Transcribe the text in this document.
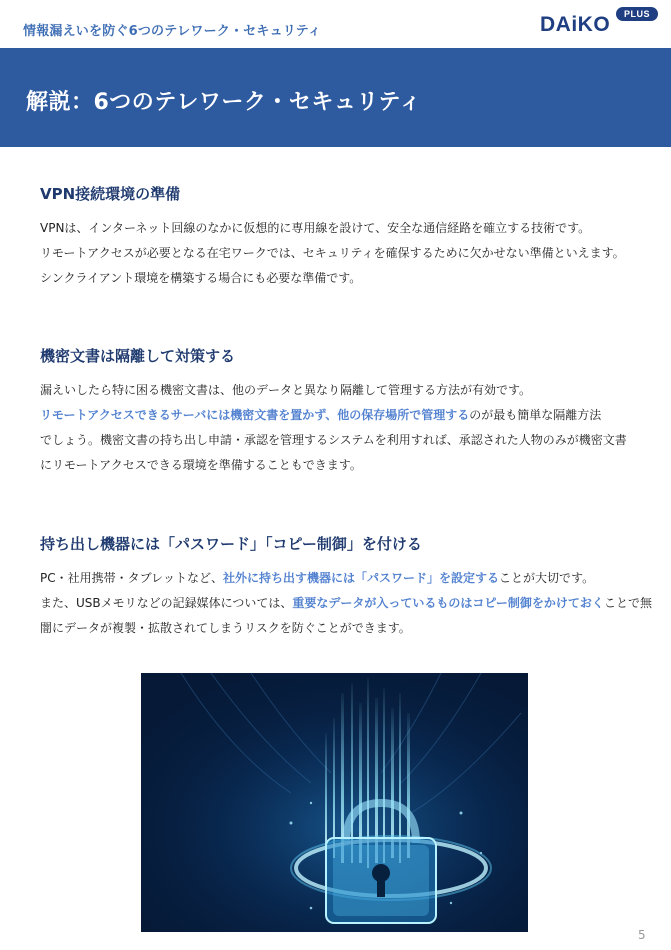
情報漏えいを防ぐ6つのテレワーク・セキュリティ	DAiKO	PLUS
解説：6つのテレワーク・セキュリティ
VPN接続環境の準備
VPNは、インターネット回線のなかに仮想的に専用線を設けて、安全な通信経路を確立する技術です。
リモートアクセスが必要となる在宅ワークでは、セキュリティを確保するために欠かせない準備といえます。
シンクライアント環境を構築する場合にも必要な準備です。
機密文書は隔離して対策する
漏えいしたら特に困る機密文書は、他のデータと異なり隔離して管理する方法が有効です。
リモートアクセスできるサーバには機密文書を置かず、他の保存場所で管理するのが最も簡単な隔離方法
でしょう。機密文書の持ち出し申請・承認を管理するシステムを利用すれば、承認された人物のみが機密文書
にリモートアクセスできる環境を準備することもできます。
持ち出し機器には「パスワード」「コピー制御」を付ける
PC・社用携帯・タブレットなど、社外に持ち出す機器には「パスワード」を設定することが大切です。
また、USBメモリなどの記録媒体については、重要なデータが入っているものはコピー制御をかけておくことで無
闇にデータが複製・拡散されてしまうリスクを防ぐことができます。
5
